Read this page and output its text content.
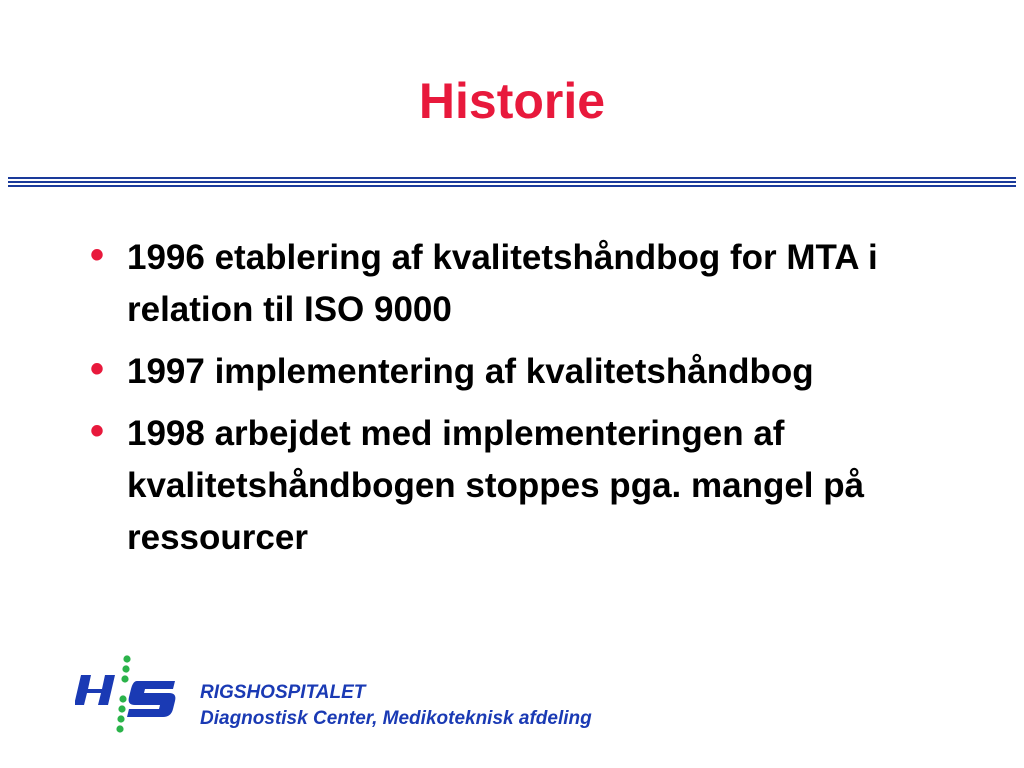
Historie
• 1996 etablering af kvalitetshåndbog for MTA i relation til ISO 9000
• 1997 implementering af kvalitetshåndbog
• 1998 arbejdet med implementeringen af kvalitetshåndbogen stoppes pga. mangel på ressourcer
RIGSHOSPITALET
Diagnostisk Center, Medikoteknisk afdeling
